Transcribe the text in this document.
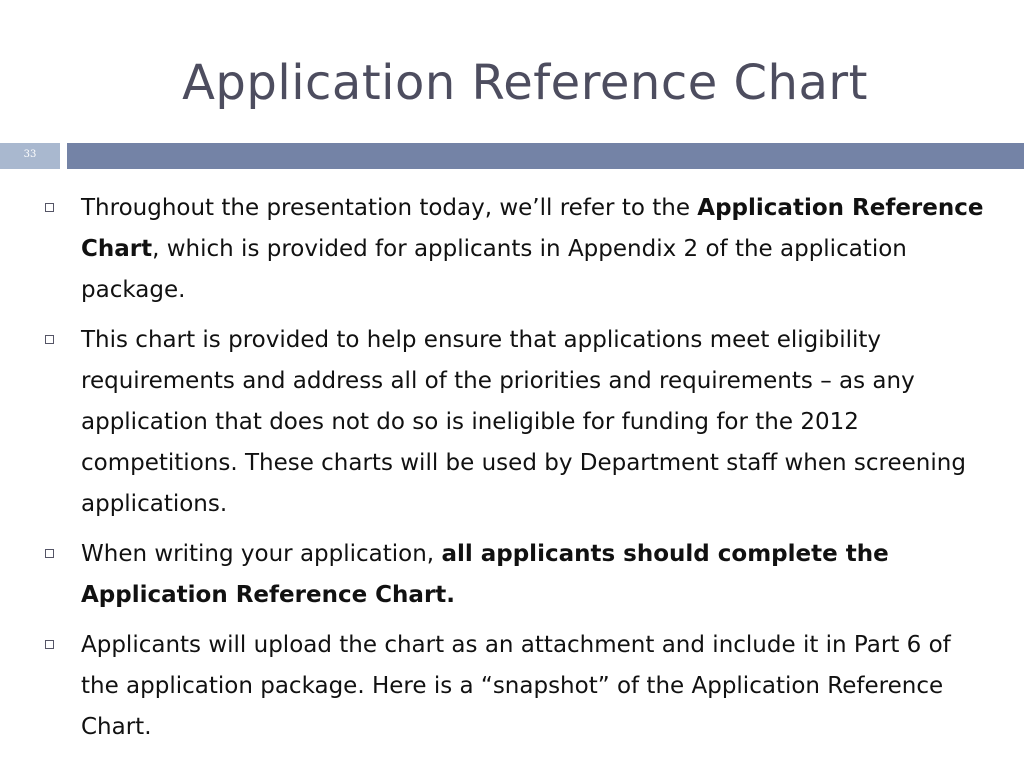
Application Reference Chart
33
Throughout the presentation today, we’ll refer to the Application Reference Chart, which is provided for applicants in Appendix 2 of the application package.
This chart is provided to help ensure that applications meet eligibility requirements and address all of the priorities and requirements – as any application that does not do so is ineligible for funding for the 2012 competitions. These charts will be used by Department staff when screening applications.
When writing your application, all applicants should complete the Application Reference Chart.
Applicants will upload the chart as an attachment and include it in Part 6 of the application package. Here is a “snapshot” of the Application Reference Chart.
